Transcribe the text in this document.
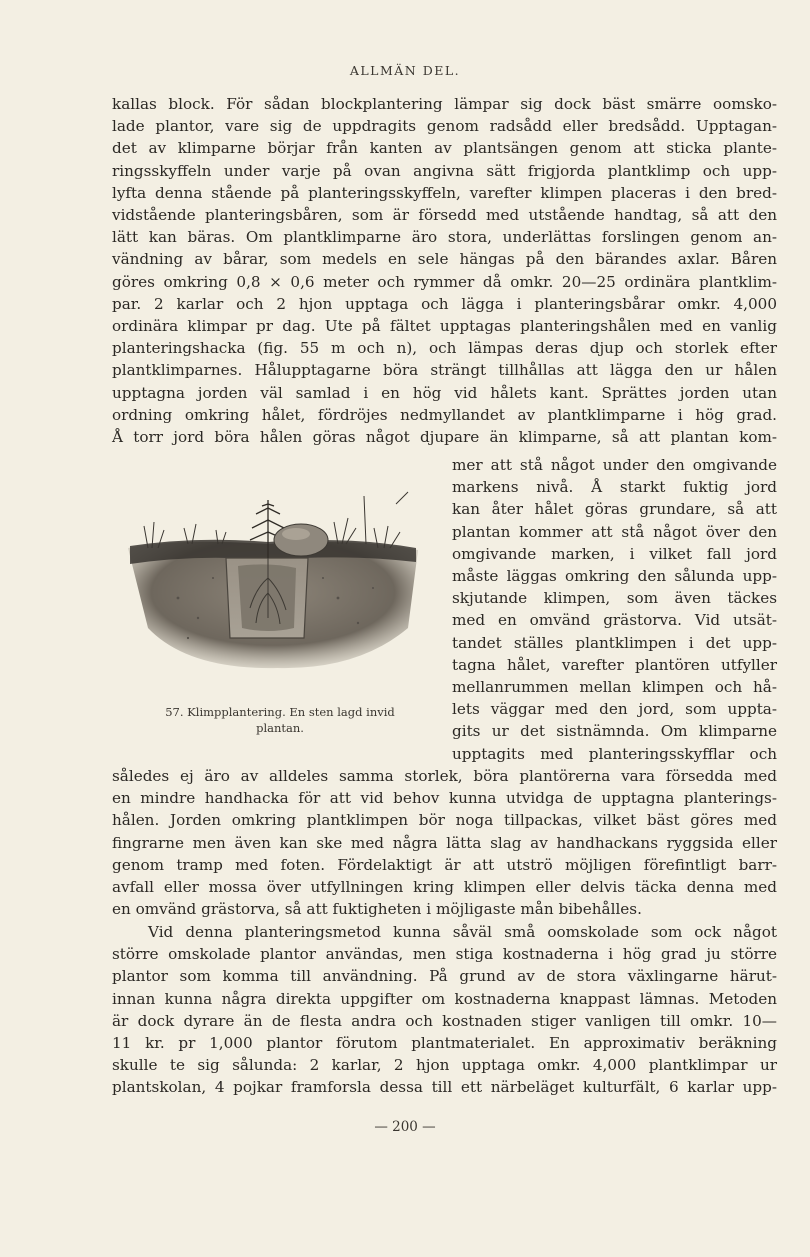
ALLMÄN DEL.
kallas block. För sådan blockplantering lämpar sig dock bäst smärre oomsko-
lade plantor, vare sig de uppdragits genom radsådd eller bredsådd. Upptagan-
det av klimparne börjar från kanten av plantsängen genom att sticka plante-
ringsskyffeln under varje på ovan angivna sätt frigjorda plantklimp och upp-
lyfta denna stående på planteringsskyffeln, varefter klimpen placeras i den bred-
vidstående planteringsbåren, som är försedd med utstående handtag, så att den
lätt kan bäras. Om plantklimparne äro stora, underlättas forslingen genom an-
vändning av bårar, som medels en sele hängas på den bärandes axlar. Båren
göres omkring 0,8 × 0,6 meter och rymmer då omkr. 20—25 ordinära plantklim-
par. 2 karlar och 2 hjon upptaga och lägga i planteringsbårar omkr. 4,000
ordinära klimpar pr dag. Ute på fältet upptagas planteringshålen med en vanlig
planteringshacka (fig. 55 m och n), och lämpas deras djup och storlek efter
plantklimparnes. Hålupptagarne böra strängt tillhållas att lägga den ur hålen
upptagna jorden väl samlad i en hög vid hålets kant. Sprättes jorden utan
ordning omkring hålet, fördröjes nedmyllandet av plantklimparne i hög grad.
Å torr jord böra hålen göras något djupare än klimparne, så att plantan kom-
mer att stå något under den omgivande
markens nivå. Å starkt fuktig jord
kan åter hålet göras grundare, så att
plantan kommer att stå något över den
omgivande marken, i vilket fall jord
måste läggas omkring den sålunda upp-
skjutande klimpen, som även täckes
med en omvänd grästorva. Vid utsät-
tandet ställes plantklimpen i det upp-
tagna hålet, varefter plantören utfyller
mellanrummen mellan klimpen och hå-
lets väggar med den jord, som uppta-
gits ur det sistnämnda. Om klimparne
upptagits med planteringsskyfflar och
57. Klimpplantering. En sten lagd invid
plantan.
således ej äro av alldeles samma storlek, böra plantörerna vara försedda med
en mindre handhacka för att vid behov kunna utvidga de upptagna planterings-
hålen. Jorden omkring plantklimpen bör noga tillpackas, vilket bäst göres med
fingrarne men även kan ske med några lätta slag av handhackans ryggsida eller
genom tramp med foten. Fördelaktigt är att utströ möjligen förefintligt barr-
avfall eller mossa över utfyllningen kring klimpen eller delvis täcka denna med
en omvänd grästorva, så att fuktigheten i möjligaste mån bibehålles.
Vid denna planteringsmetod kunna såväl små oomskolade som ock något
större omskolade plantor användas, men stiga kostnaderna i hög grad ju större
plantor som komma till användning. På grund av de stora växlingarne härut-
innan kunna några direkta uppgifter om kostnaderna knappast lämnas. Metoden
är dock dyrare än de flesta andra och kostnaden stiger vanligen till omkr. 10—
11 kr. pr 1,000 plantor förutom plantmaterialet. En approximativ beräkning
skulle te sig sålunda: 2 karlar, 2 hjon upptaga omkr. 4,000 plantklimpar ur
plantskolan, 4 pojkar framforsla dessa till ett närbeläget kulturfält, 6 karlar upp-
— 200 —
